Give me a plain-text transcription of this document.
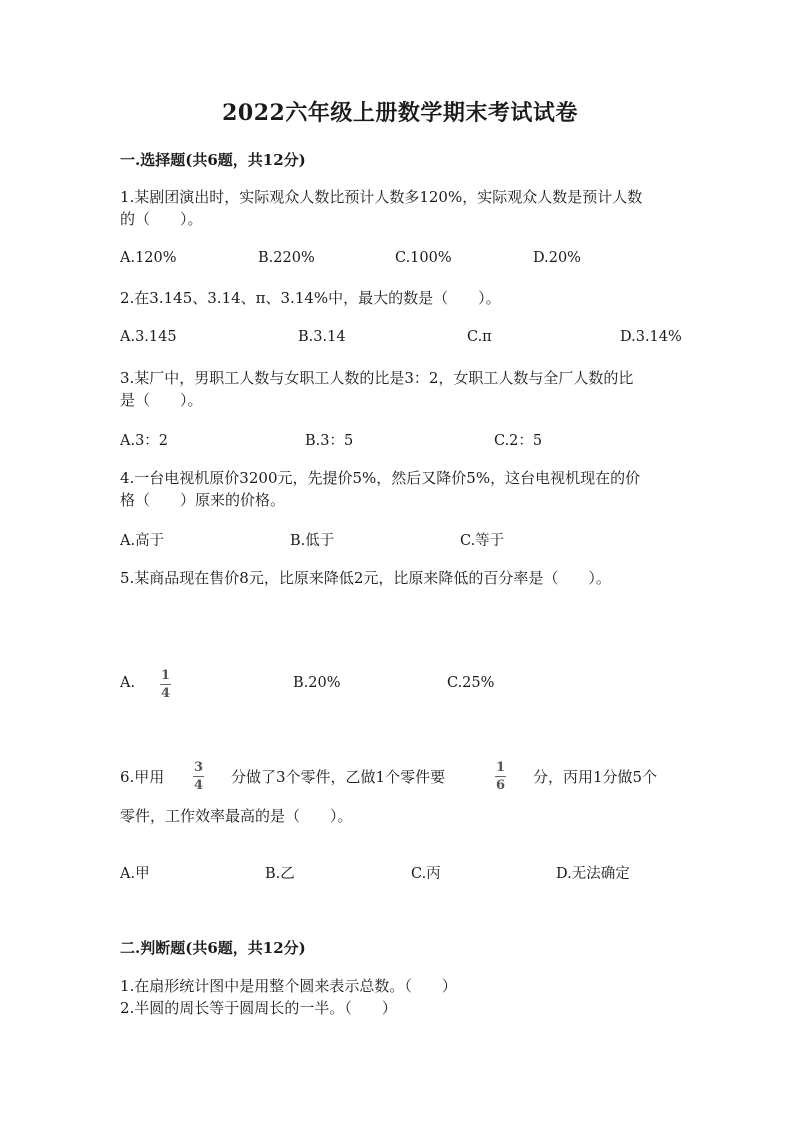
2022六年级上册数学期末考试试卷
一.选择题(共6题，共12分)
1.某剧团演出时，实际观众人数比预计人数多120%，实际观众人数是预计人数
的（　　）。
A.120%	B.220%	C.100%	D.20%
2.在3.145、3.14、π、3.14%中，最大的数是（　　）。
A.3.145	B.3.14	C.π	D.3.14%
3.某厂中，男职工人数与女职工人数的比是3：2，女职工人数与全厂人数的比
是（　　）。
A.3：2	B.3：5	C.2：5
4.一台电视机原价3200元，先提价5%，然后又降价5%，这台电视机现在的价
格（　　）原来的价格。
A.高于	B.低于	C.等于
5.某商品现在售价8元，比原来降低2元，比原来降低的百分率是（　　）。
A. 1
4
B.20%	C.25%
6.甲用
3
4 分做了3个零件，乙做1个零件要
1
6 分，丙用1分做5个
零件，工作效率最高的是（　　）。
A.甲	B.乙	C.丙	D.无法确定
二.判断题(共6题，共12分)
1.在扇形统计图中是用整个圆来表示总数。（　　）
2.半圆的周长等于圆周长的一半。（　　）
